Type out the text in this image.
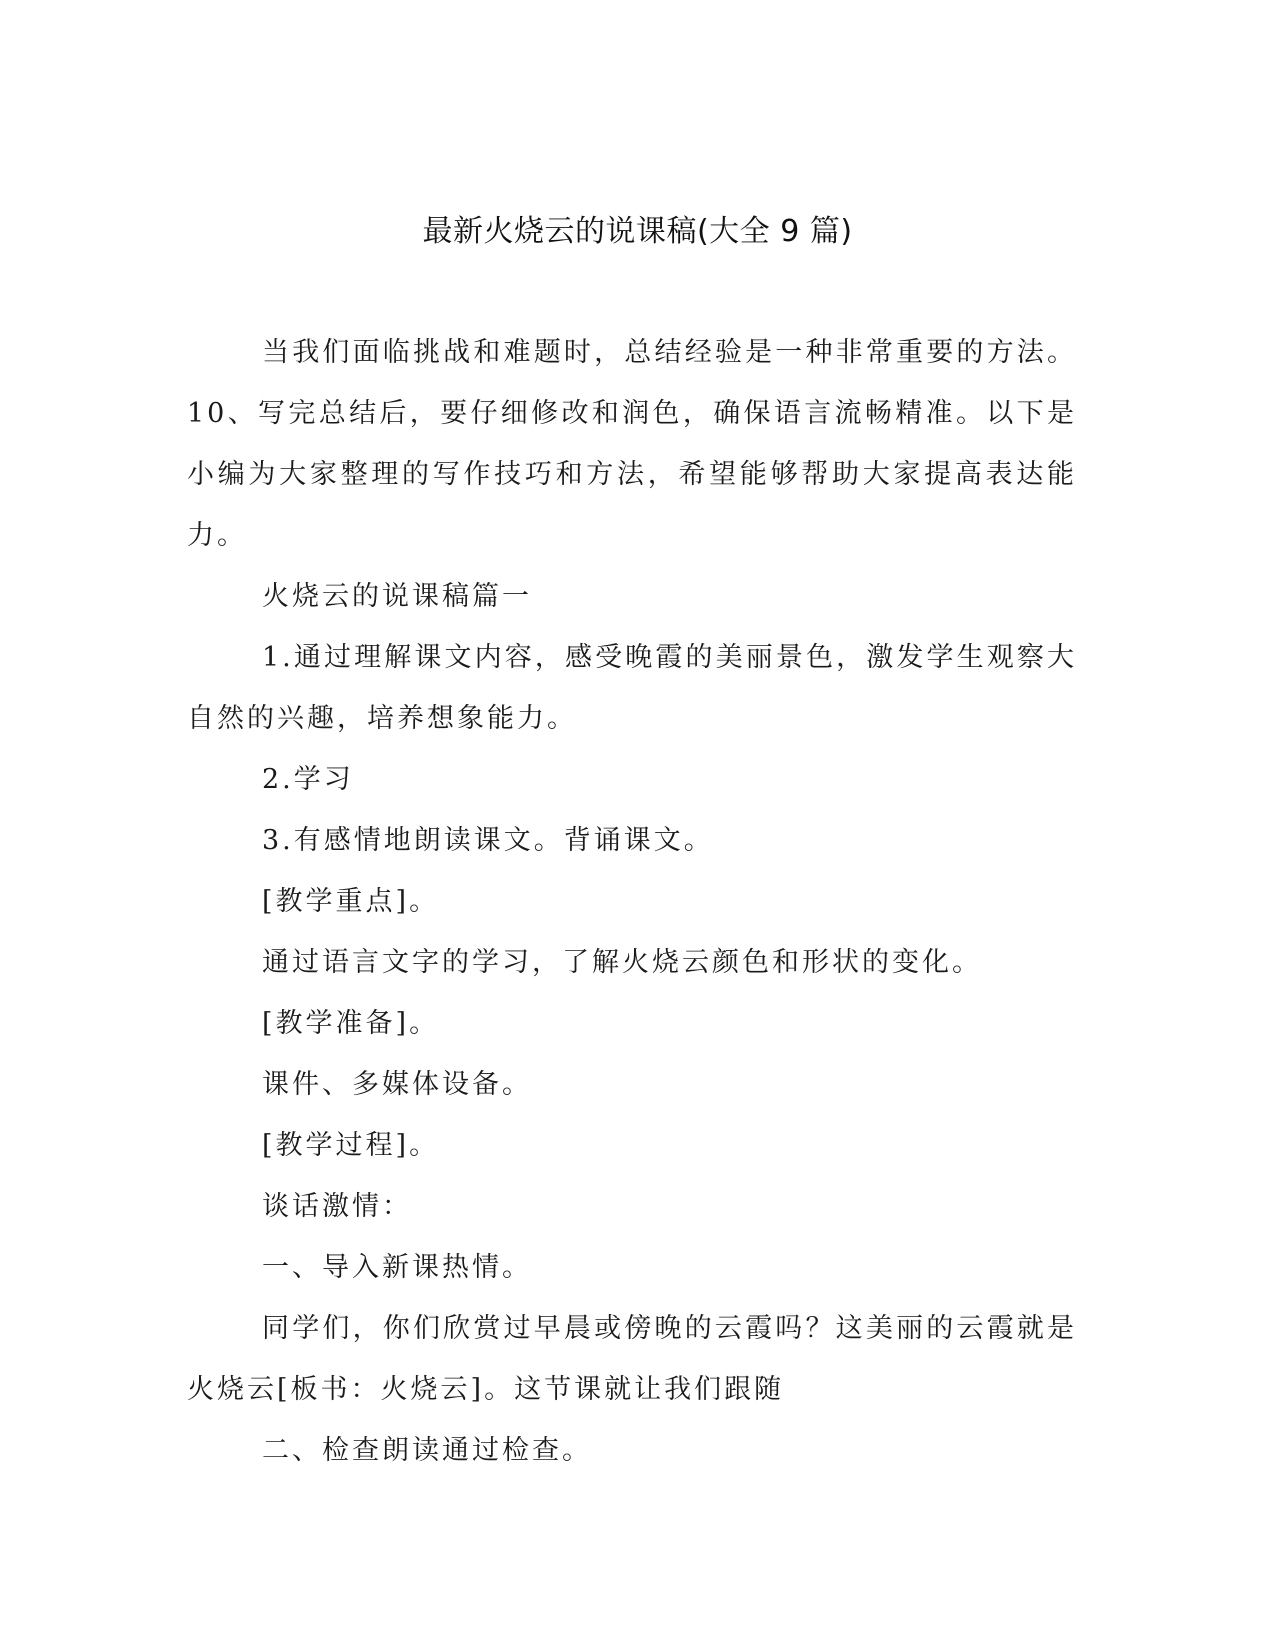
最新火烧云的说课稿(大全 9 篇)

当我们面临挑战和难题时，总结经验是一种非常重要的方法。10、写完总结后，要仔细修改和润色，确保语言流畅精准。以下是小编为大家整理的写作技巧和方法，希望能够帮助大家提高表达能力。

火烧云的说课稿篇一

1.通过理解课文内容，感受晚霞的美丽景色，激发学生观察大自然的兴趣，培养想象能力。

2.学习

3.有感情地朗读课文。背诵课文。

[教学重点]。

通过语言文字的学习，了解火烧云颜色和形状的变化。

[教学准备]。

课件、多媒体设备。

[教学过程]。

谈话激情：

一、导入新课热情。

同学们，你们欣赏过早晨或傍晚的云霞吗？这美丽的云霞就是火烧云[板书：火烧云]。这节课就让我们跟随

二、检查朗读通过检查。
